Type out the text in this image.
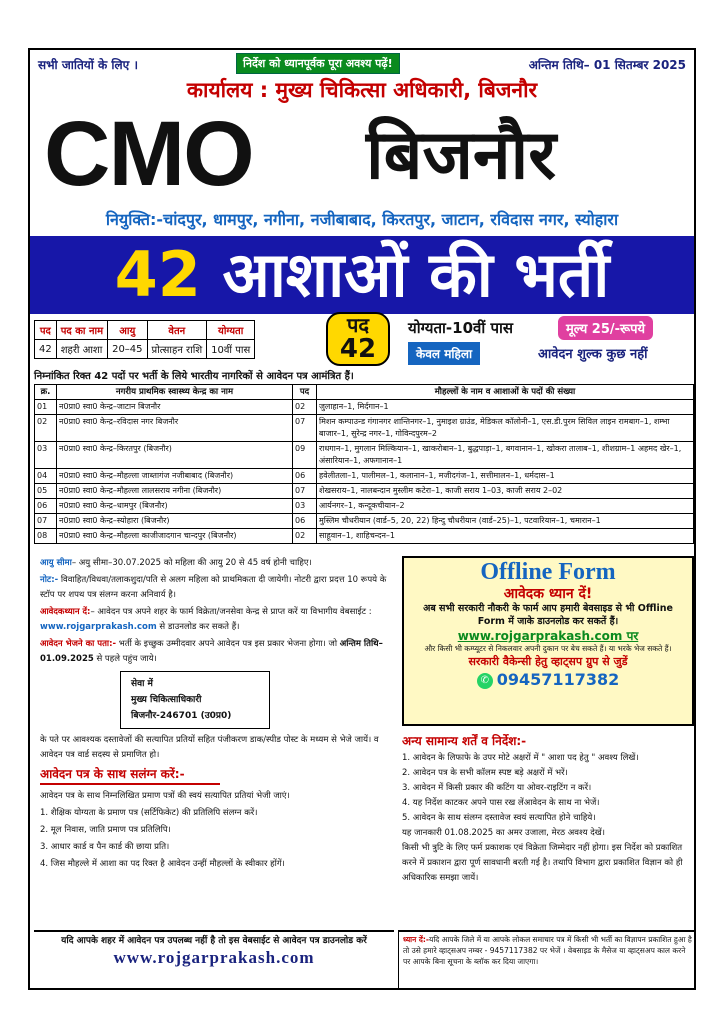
सभी जातियों के लिए ।	निर्देश को ध्यानपूर्वक पूरा अवश्य पढ़ें!	अन्तिम तिथि– 01 सितम्बर 2025
कार्यालय : मुख्य चिकित्सा अधिकारी, बिजनौर
CMO बिजनौर
नियुक्ति:-चांदपुर, धामपुर, नगीना, नजीबाबाद, किरतपुर, जाटान, रविदास नगर, स्योहारा
42 आशाओं की भर्ती
पद	पद का नाम	आयु	वेतन	योग्यता
42	शहरी आशा	20–45	प्रोत्साहन राशि	10वीं पास
पद
42
योग्यता-10वीं पास
केवल महिला
मूल्य 25/-रूपये
आवेदन शुल्क कुछ नहीं
निम्नांकित रिक्त 42 पदों पर भर्ती के लिये भारतीय नागरिकों से आवेदन पत्र आमंत्रित हैं।
क्र.	नगरीय प्राथमिक स्वास्थ्य केन्द्र का नाम	पद	मौहल्लों के नाम व आशाओं के पदों की संख्या
01	न0प्रा0 स्वा0 केन्द्र–जाटान बिजनौर	02	जुलाहान–1, मिर्दगान–1
02	न0प्रा0 स्वा0 केन्द्र–रविदास नगर बिजनौर	07	मिशन कम्पाउन्ड गंगानगर शान्तिनगर–1, नुमाइश ग्राउंड, मेडिकल कॉलोनी–1, एस.डी.पुरम सिविल लाइन रामबाग–1, शम्भा बाजार–1, सुरेन्द्र नगर–1, गोविन्दपुरम–2
03	न0प्रा0 स्वा0 केन्द्र–किरतपुर (बिजनौर)	09	राधगान–1, मुगलान मिल्कियान–1, खाकरोबान–1, बुद्धपाड़ा–1, बगवानान–1, खोकरा तालाब–1, शीशग्राम–1 अहमद खेर–1, अंसारियान–1, अफगानान–1
04	न0प्रा0 स्वा0 केन्द्र–मौहल्ला जाब्तागंज नजीबाबाद (बिजनौर)	06	हवेलीतला–1, पालीमल–1, कलानान–1, मजीदगंज–1, सत्तीमालन–1, धर्मदास–1
05	न0प्रा0 स्वा0 केन्द्र–मौहल्ला लालसराय नगीना (बिजनौर)	07	शेखसराय–1, नालबन्दान मुस्लीम कटेरा–1, काजी सराय 1–03, काजी सराय 2–02
06	न0प्रा0 स्वा0 केन्द्र–धामपुर (बिजनौर)	03	आर्यनगर–1, कन्दूकचीयान–2
07	न0प्रा0 स्वा0 केन्द्र–स्योहारा (बिजनौर)	06	मुस्लिम चौधरीयान (वार्ड–5, 20, 22) हिन्दु चौधरीयान (वार्ड–25)–1, पटवारियान–1, चमारान–1
08	न0प्रा0 स्वा0 केन्द्र–मौहल्ला काजीजादगान चान्दपुर (बिजनौर)	02	साहूवान–1, शाहिचन्दन–1

आयु सीमा– अयु सीमा–30.07.2025 को महिला की आयु 20 से 45 वर्ष होनी चाहिए।

नोट:- विवाहित/विधवा/तलाकशुदा/पति से अलग महिला को प्राथमिकता दी जायेगी। नोटरी द्वारा प्रदत्त 10 रूपये के स्टॉप पर शपथ पत्र संलग्न करना अनिवार्य है।

आवेदकथ्यान दें:– आवेदन पत्र अपने शहर के फार्म विक्रेता/जनसेवा केन्द्र से प्राप्त करें या विभागीय वेबसाईट : www.rojgarprakash.com से डाउनलोड कर सकते हैं।

आवेदन भेजने का पता:- भर्ती के इच्छुक उम्मीदवार अपने आवेदन पत्र इस प्रकार भेजना होगा। जो अन्तिम तिथि–01.09.2025 से पहले पहुंच जाये।

सेवा में
मुख्य चिकित्साधिकारी
बिजनौर-246701 (उ0प्र0)

के पते पर आवश्यक दस्तावेजों की सत्यापित प्रतियों सहित पंजीकरण डाक/स्पीड पोस्ट के मध्यम से भेजे जायें। व आवेदन पत्र वार्ड सदस्य से प्रमाणित हो।

आवेदन पत्र के साथ सलंग्न करें:-

आवेदन पत्र के साथ निम्नलिखित प्रमाण पत्रों की स्वयं सत्यापित प्रतियां भेजी जाएं।

1. शैक्षिक योग्यता के प्रमाण पत्र (सर्टिफिकेट) की प्रतिलिपि संलग्न करें।

2. मूल निवास, जाति प्रमाण पत्र प्रतिलिपि।

3. आधार कार्ड व पैन कार्ड की छाया प्रति।

4. जिस मौहल्ले में आशा का पद रिक्त है आवेदन उन्हीं मौहल्लों के स्वीकार होंगें।

Offline Form
आवेदक ध्यान दें!
अब सभी सरकारी नौकरी के फार्म आप हमारी बेवसाइड से भी Offline Form में जाके डाउनलोड कर सकतें हैं।
www.rojgarprakash.com पर
और किसी भी कम्प्यूटर से निकलवार अपनी दुकान पर बेच सकते हैं। या भरके भेज सकते हैं।
सरकारी वैकेन्सी हेतु व्हाट्सप ग्रुप से जुडें
✆ 09457117382
अन्य सामान्य शर्तें व निर्देश:-

1. आवेदन के लिफाफे के उपर मोटे अक्षरों में " आशा पद हेतु " अवश्य लिखें।

2. आवेदन पत्र के सभी कॉलम स्पष्ट बड़े अक्षरों में भरें।

3. आवेदन में किसी प्रकार की कटिंग या ओवर-राइटिंग न करें।

4. यह निर्देश काटकर अपने पास रख लेंआवेदन के साथ ना भेजें।

5. आवेदन के साथ संलग्न दस्तावेज स्वयं सत्यापित होने चाहिये।

यह जानकारी 01.08.2025 का अमर उजाला, मेरठ अवश्य देखें।

किसी भी त्रुटि के लिए फर्म प्रकाशक एवं विक्रेता जिम्मेदार नहीं होगा। इस निर्देश को प्रकाशित करने में प्रकाशन द्वारा पूर्ण सावधानी बरती गई है। तथापि विभाग द्वारा प्रकाशित विज्ञान को ही अधिकारिक समझा जायें।

यदि आपके शहर में आवेदन पत्र उपलब्ध नहीं है तो इस वेबसाईट से आवेदन पत्र डाउनलोड करें
www.rojgarprakash.com
ध्यान दें:-यदि आपके जिले में या आपके लोकल समाचार पत्र में किसी भी भर्ती का विज्ञापन प्रकाशित हुआ है तो उसे हमारे व्हाट्सअप नम्बर - 9457117382 पर भेजें । वेबसाइड के मैसेज या व्हाट्सअप काल करने पर आपके बिना सूचना के ब्लॉक कर दिया जाएगा।
